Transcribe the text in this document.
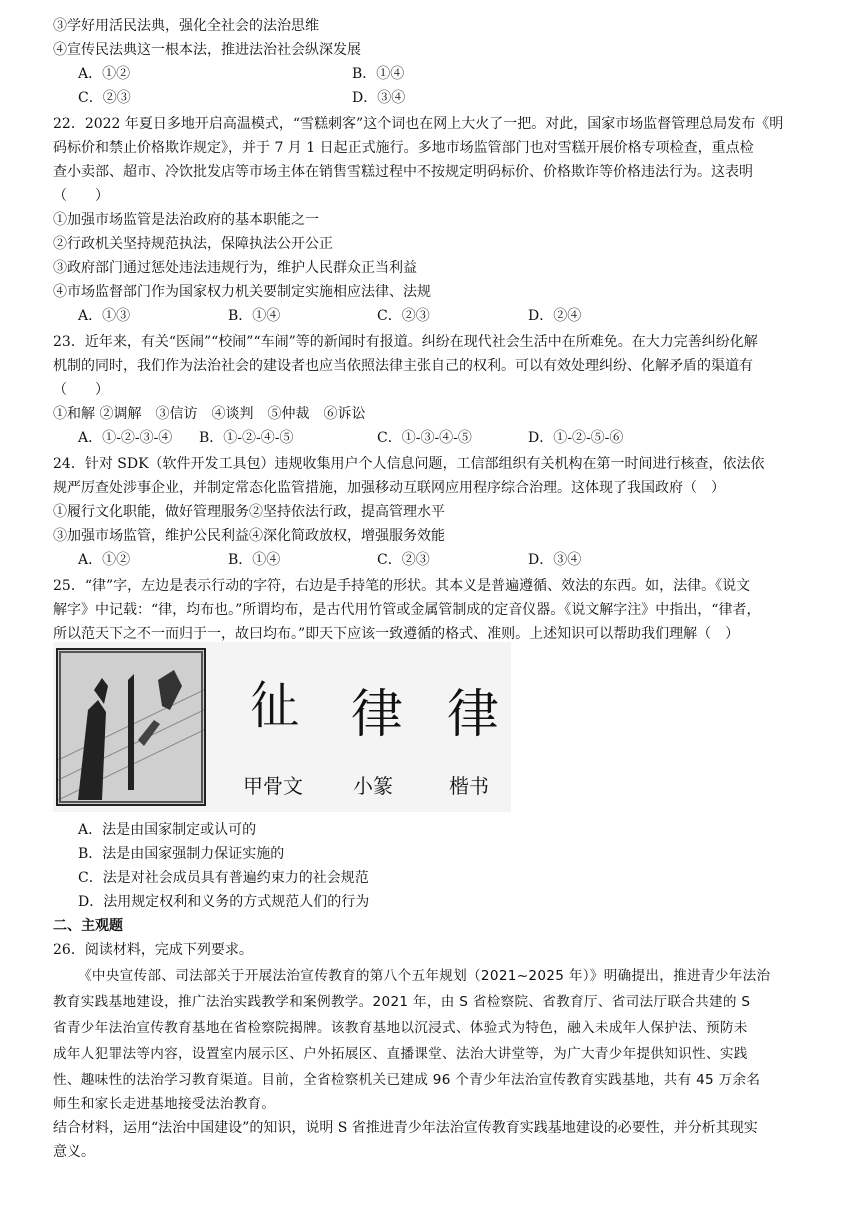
③学好用活民法典，强化全社会的法治思维
④宣传民法典这一根本法，推进法治社会纵深发展
A．①②	B．①④
C．②③	D．③④
22．2022 年夏日多地开启高温模式，“雪糕刺客”这个词也在网上大火了一把。对此，国家市场监督管理总局发布《明
码标价和禁止价格欺诈规定》，并于 7 月 1 日起正式施行。多地市场监管部门也对雪糕开展价格专项检查，重点检
查小卖部、超市、冷饮批发店等市场主体在销售雪糕过程中不按规定明码标价、价格欺诈等价格违法行为。这表明
（　　）
①加强市场监管是法治政府的基本职能之一
②行政机关坚持规范执法，保障执法公开公正
③政府部门通过惩处违法违规行为，维护人民群众正当利益
④市场监督部门作为国家权力机关要制定实施相应法律、法规
A．①③	B．①④	C．②③	D．②④
23．近年来，有关“医闹”“校闹”“车闹”等的新闻时有报道。纠纷在现代社会生活中在所难免。在大力完善纠纷化解
机制的同时，我们作为法治社会的建设者也应当依照法律主张自己的权利。可以有效处理纠纷、化解矛盾的渠道有
（　　）
①和解 ②调解　③信访　④谈判　⑤仲裁　⑥诉讼
A．①-②-③-④ B．①-②-④-⑤	C．①-③-④-⑤	D．①-②-⑤-⑥
24．针对 SDK（软件开发工具包）违规收集用户个人信息问题，工信部组织有关机构在第一时间进行核查，依法依
规严厉查处涉事企业，并制定常态化监管措施，加强移动互联网应用程序综合治理。这体现了我国政府（　）
①履行文化职能，做好管理服务②坚持依法行政，提高管理水平
③加强市场监管，维护公民利益④深化简政放权，增强服务效能
A．①②	B．①④	C．②③	D．③④
25．“律”字，左边是表示行动的字符，右边是手持笔的形状。其本义是普遍遵循、效法的东西。如，法律。《说文
解字》中记载：“律，均布也。”所谓均布，是古代用竹管或金属管制成的定音仪器。《说文解字注》中指出，“律者，
所以范天下之不一而归于一，故曰均布。”即天下应该一致遵循的格式、准则。上述知识可以帮助我们理解（　）
𢓊 律 律
甲骨文	小篆	楷书
A．法是由国家制定或认可的
B．法是由国家强制力保证实施的
C．法是对社会成员具有普遍约束力的社会规范
D．法用规定权利和义务的方式规范人们的行为
二、主观题
26．阅读材料，完成下列要求。
《中央宣传部、司法部关于开展法治宣传教育的第八个五年规划（2021~2025 年）》明确提出，推进青少年法治
教育实践基地建设，推广法治实践教学和案例教学。2021 年，由 S 省检察院、省教育厅、省司法厅联合共建的 S
省青少年法治宣传教育基地在省检察院揭牌。该教育基地以沉浸式、体验式为特色，融入未成年人保护法、预防未
成年人犯罪法等内容，设置室内展示区、户外拓展区、直播课堂、法治大讲堂等，为广大青少年提供知识性、实践
性、趣味性的法治学习教育渠道。目前，全省检察机关已建成 96 个青少年法治宣传教育实践基地，共有 45 万余名
师生和家长走进基地接受法治教育。
结合材料，运用“法治中国建设”的知识，说明 S 省推进青少年法治宣传教育实践基地建设的必要性，并分析其现实
意义。
